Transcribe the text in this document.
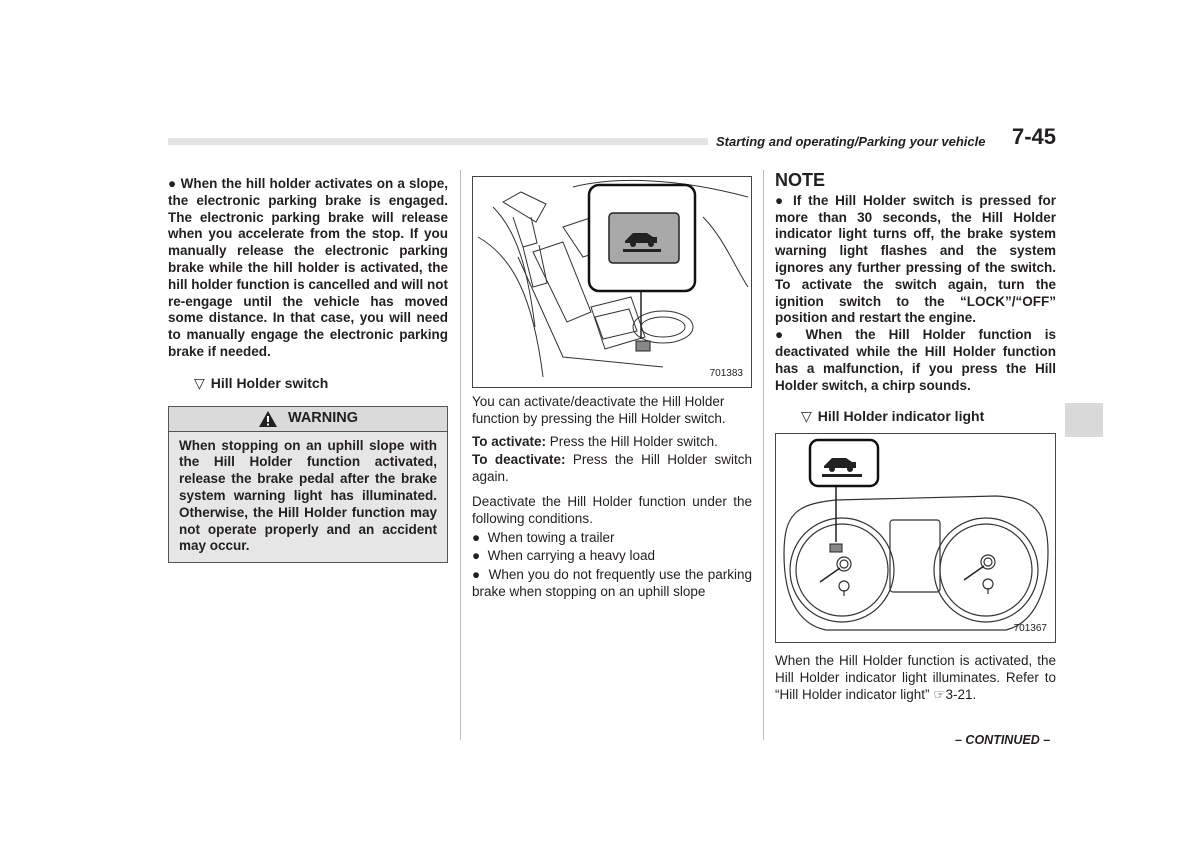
Starting and operating/Parking your vehicle 7-45

● When the hill holder activates on a slope, the electronic parking brake is engaged. The electronic parking brake will release when you accelerate from the stop. If you manually release the electronic parking brake while the hill holder is activated, the hill holder function is cancelled and will not re-engage until the vehicle has moved some distance. In that case, you will need to manually engage the electronic parking brake if needed.

▽ Hill Holder switch
WARNING
When stopping on an uphill slope with the Hill Holder function activated, release the brake pedal after the brake system warning light has illuminated. Otherwise, the Hill Holder function may not operate properly and an accident may occur.
701383

You can activate/deactivate the Hill Holder function by pressing the Hill Holder switch.

To activate: Press the Hill Holder switch.

To deactivate: Press the Hill Holder switch again.

Deactivate the Hill Holder function under the following conditions.

●  When towing a trailer

●  When carrying a heavy load

●  When you do not frequently use the parking brake when stopping on an uphill slope

NOTE

● If the Hill Holder switch is pressed for more than 30 seconds, the Hill Holder indicator light turns off, the brake system warning light flashes and the system ignores any further pressing of the switch. To activate the switch again, turn the ignition switch to the “LOCK”/“OFF” position and restart the engine.

● When the Hill Holder function is deactivated while the Hill Holder function has a malfunction, if you press the Hill Holder switch, a chirp sounds.

▽ Hill Holder indicator light
701367

When the Hill Holder function is activated, the Hill Holder indicator light illuminates. Refer to “Hill Holder indicator light” ☞3-21.

– CONTINUED –
